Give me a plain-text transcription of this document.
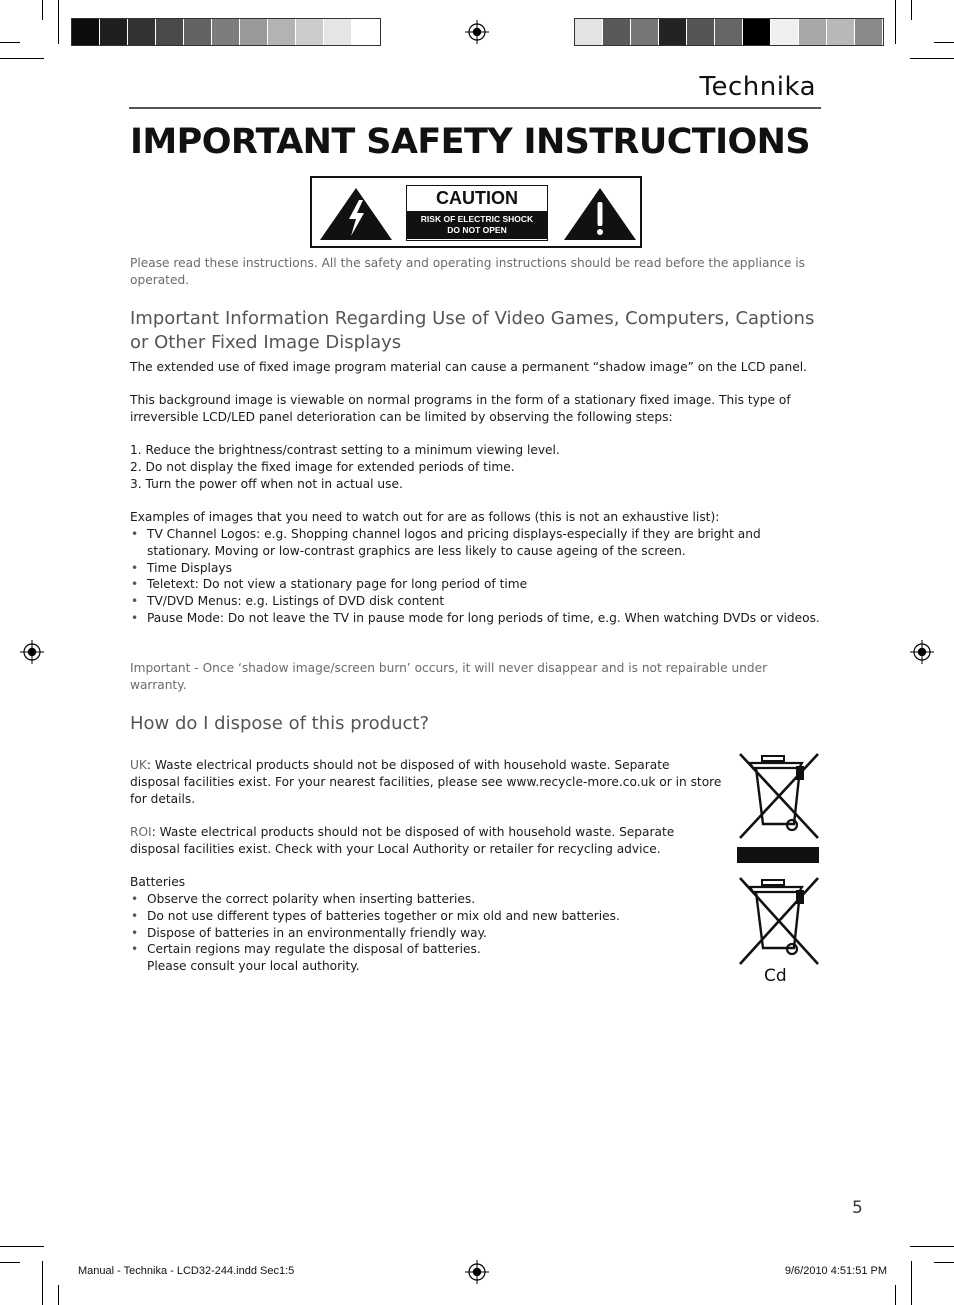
Technika
IMPORTANT SAFETY INSTRUCTIONS
CAUTION
RISK OF ELECTRIC SHOCK
DO NOT OPEN
Please read these instructions. All the safety and operating instructions should be read before the appliance is operated.
Important Information Regarding Use of Video Games, Computers, Captions or Other Fixed Image Displays
The extended use of fixed image program material can cause a permanent “shadow image” on the LCD panel.
This background image is viewable on normal programs in the form of a stationary fixed image. This type of irreversible LCD/LED panel deterioration can be limited by observing the following steps:
1. Reduce the brightness/contrast setting to a minimum viewing level.
2. Do not display the fixed image for extended periods of time.
3. Turn the power off when not in actual use.
Examples of images that you need to watch out for are as follows (this is not an exhaustive list):
• TV Channel Logos: e.g. Shopping channel logos and pricing displays-especially if they are bright and stationary. Moving or low-contrast graphics are less likely to cause ageing of the screen.
• Time Displays
• Teletext: Do not view a stationary page for long period of time
• TV/DVD Menus: e.g. Listings of DVD disk content
• Pause Mode: Do not leave the TV in pause mode for long periods of time, e.g. When watching DVDs or videos.
Important - Once ‘shadow image/screen burn’ occurs, it will never disappear and is not repairable under warranty.
How do I dispose of this product?
UK: Waste electrical products should not be disposed of with household waste. Separate disposal facilities exist. For your nearest facilities, please see www.recycle-more.co.uk or in store for details.
ROI: Waste electrical products should not be disposed of with household waste. Separate disposal facilities exist. Check with your Local Authority or retailer for recycling advice.
Batteries
• Observe the correct polarity when inserting batteries.
• Do not use different types of batteries together or mix old and new batteries.
• Dispose of batteries in an environmentally friendly way.
• Certain regions may regulate the disposal of batteries. Please consult your local authority.	Cd
5
Manual - Technika - LCD32-244.indd Sec1:5	9/6/2010 4:51:51 PM
